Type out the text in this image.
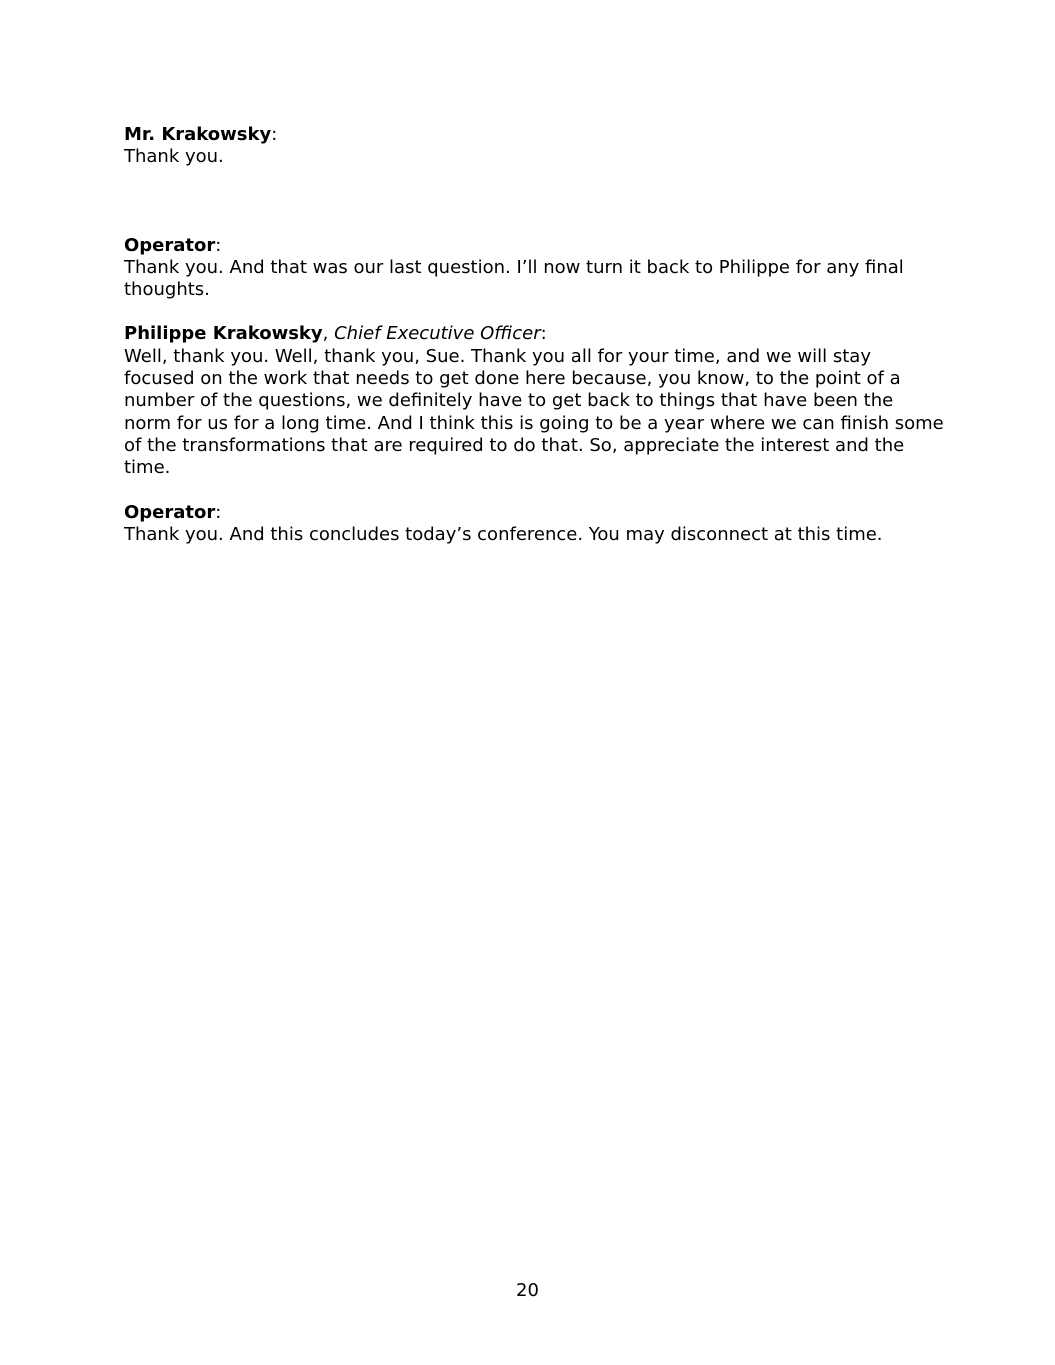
Mr. Krakowsky:

Thank you.

Operator:

Thank you. And that was our last question. I’ll now turn it back to Philippe for any final thoughts.

Philippe Krakowsky, Chief Executive Officer:

Well, thank you. Well, thank you, Sue. Thank you all for your time, and we will stay focused on the work that needs to get done here because, you know, to the point of a number of the questions, we definitely have to get back to things that have been the norm for us for a long time. And I think this is going to be a year where we can finish some of the transformations that are required to do that. So, appreciate the interest and the time.

Operator:

Thank you. And this concludes today’s conference. You may disconnect at this time.

20
